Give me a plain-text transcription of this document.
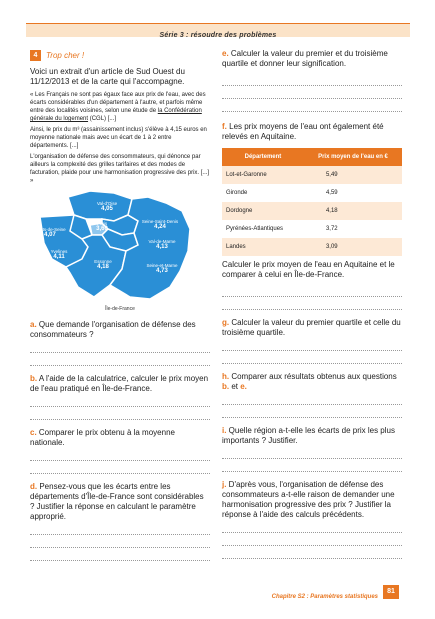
Série 3 : résoudre des problèmes
4	Trop cher !

Voici un extrait d'un article de Sud Ouest du 11/12/2013 et de la carte qui l'accompagne.

« Les Français ne sont pas égaux face aux prix de l'eau, avec des écarts considérables d'un département à l'autre, et parfois même entre des localités voisines, selon une étude de la Confédération générale du logement (CGL) [...]

Ainsi, le prix du m³ (assainissement inclus) s'élève à 4,15 euros en moyenne nationale mais avec un écart de 1 à 2 entre départements. [...]

L'organisation de défense des consommateurs, qui dénonce par ailleurs la complexité des grilles tarifaires et des modes de facturation, plaide pour une harmonisation progressive des prix. [...] »

Val-d'Oise
4,05
Hauts-de-Seine
4,07
Paris
3,60
Seine-Saint-Denis
4,24
Val-de-Marne
4,13
Yvelines
4,11
Essonne
4,18	Seine-et-Marne
4,73
Île-de-France

a. Que demande l'organisation de défense des consommateurs ?

b. A l'aide de la calculatrice, calculer le prix moyen de l'eau pratiqué en Île-de-France.

c. Comparer le prix obtenu à la moyenne nationale.

d. Pensez-vous que les écarts entre les départements d'Île-de-France sont considérables ? Justifier la réponse en calculant le paramètre approprié.

e. Calculer la valeur du premier et du troisième quartile et donner leur signification.

f. Les prix moyens de l'eau ont également été relevés en Aquitaine.

Département	Prix moyen de l'eau en €
Lot-et-Garonne	5,49
Gironde	4,59
Dordogne	4,18
Pyrénées-Atlantiques	3,72
Landes	3,09

Calculer le prix moyen de l'eau en Aquitaine et le comparer à celui en Île-de-France.

g. Calculer la valeur du premier quartile et celle du troisième quartile.

h. Comparer aux résultats obtenus aux questions b. et e.

i. Quelle région a-t-elle les écarts de prix les plus importants ? Justifier.

j. D'après vous, l'organisation de défense des consommateurs a-t-elle raison de demander une harmonisation progressive des prix ? Justifier la réponse à l'aide des calculs précédents.

Chapitre S2 : Paramètres statistiques
81
